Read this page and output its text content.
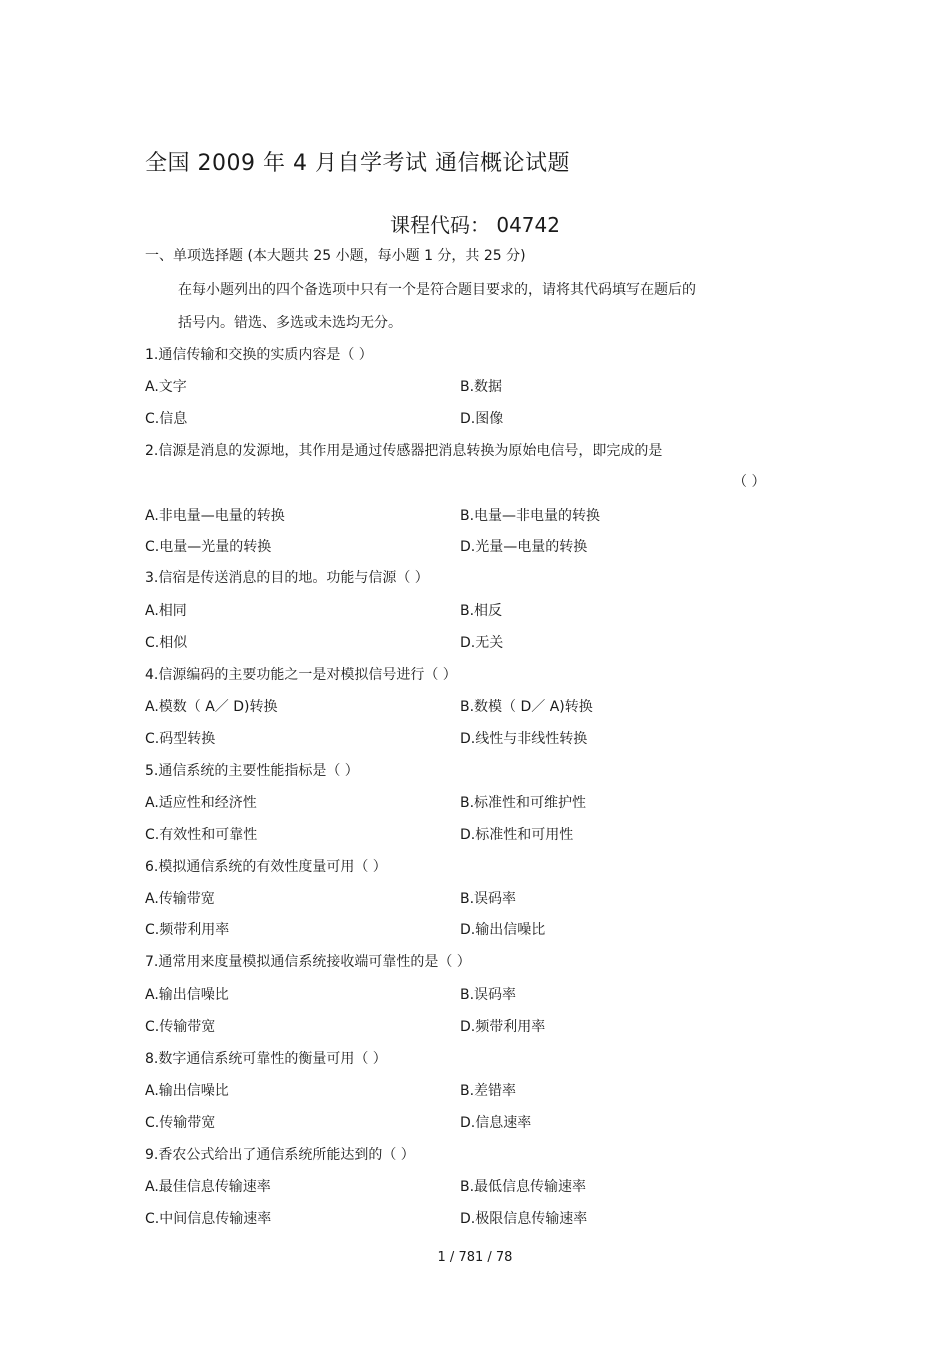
全国 2009 年 4 月自学考试 通信概论试题
课程代码： 04742
一、单项选择题 (本大题共 25 小题，每小题 1 分，共 25 分)
在每小题列出的四个备选项中只有一个是符合题目要求的，请将其代码填写在题后的
括号内。错选、多选或未选均无分。
1.通信传输和交换的实质内容是（ ）
A.文字	B.数据
C.信息	D.图像
2.信源是消息的发源地，其作用是通过传感器把消息转换为原始电信号，即完成的是
（ ）
A.非电量—电量的转换	B.电量—非电量的转换
C.电量—光量的转换	D.光量—电量的转换
3.信宿是传送消息的目的地。功能与信源（ ）
A.相同	B.相反
C.相似	D.无关
4.信源编码的主要功能之一是对模拟信号进行（ ）
A.模数（ A／ D)转换	B.数模（ D／ A)转换
C.码型转换	D.线性与非线性转换
5.通信系统的主要性能指标是（ ）
A.适应性和经济性	B.标准性和可维护性
C.有效性和可靠性	D.标准性和可用性
6.模拟通信系统的有效性度量可用（ ）
A.传输带宽	B.误码率
C.频带利用率	D.输出信噪比
7.通常用来度量模拟通信系统接收端可靠性的是（ ）
A.输出信噪比	B.误码率
C.传输带宽	D.频带利用率
8.数字通信系统可靠性的衡量可用（ ）
A.输出信噪比	B.差错率
C.传输带宽	D.信息速率
9.香农公式给出了通信系统所能达到的（ ）
A.最佳信息传输速率	B.最低信息传输速率
C.中间信息传输速率	D.极限信息传输速率
1 / 781 / 78
